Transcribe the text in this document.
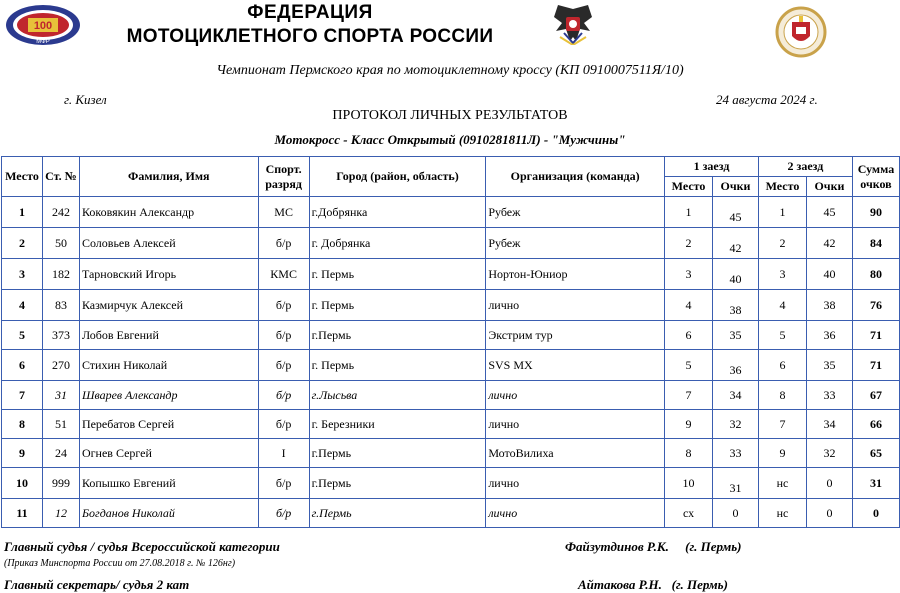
100
МФР
ФЕДЕРАЦИЯ
МОТОЦИКЛЕТНОГО СПОРТА РОССИИ
Чемпионат Пермского края по мотоциклетному кроссу (КП 0910007511Я/10)
г. Кизел	24 августа 2024 г.
ПРОТОКОЛ ЛИЧНЫХ РЕЗУЛЬТАТОВ
Мотокросс - Класс Открытый (0910281811Л) - "Мужчины"
Место	Ст. №	Фамилия, Имя	Спорт. разряд	Город (район, область)	Организация (команда)	1 заезд		2 заезд		Сумма очков
						Место	Очки	Место	Очки	
1	242	Коковякин Александр	МС	г.Добрянка	Рубеж	1	45	1	45	90
2	50	Соловьев Алексей	б/р	г. Добрянка	Рубеж	2	42	2	42	84
3	182	Тарновский Игорь	КМС	г. Пермь	Нортон-Юниор	3	40	3	40	80
4	83	Казмирчук Алексей	б/р	г. Пермь	лично	4	38	4	38	76
5	373	Лобов Евгений	б/р	г.Пермь	Экстрим тур	6	35	5	36	71
6	270	Стихин Николай	б/р	г. Пермь	SVS MX	5	36	6	35	71
7	31	Шварев Александр	б/р	г.Лысьва	лично	7	34	8	33	67
8	51	Перебатов Сергей	б/р	г. Березники	лично	9	32	7	34	66
9	24	Огнев Сергей	I	г.Пермь	МотоВилиха	8	33	9	32	65
10	999	Копышко Евгений	б/р	г.Пермь	лично	10	31	нс	0	31
11	12	Богданов Николай	б/р	г.Пермь	лично	сх	0	нс	0	0
Главный судья / судья Всероссийской категории	Файзутдинов Р.К.     (г. Пермь)
(Приказ Минспорта России от 27.08.2018 г. № 126нг)
Главный секретарь/ судья 2 кат	Айтакова Р.Н.   (г. Пермь)
